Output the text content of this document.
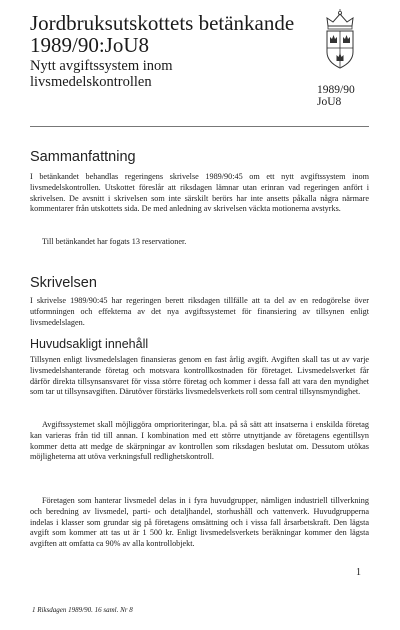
Jordbruksutskottets betänkande
1989/90:JoU8
Nytt avgiftssystem inom
livsmedelskontrollen	1989/90
JoU8
Sammanfattning

I betänkandet behandlas regeringens skrivelse 1989/90:45 om ett nytt avgiftssystem inom livsmedelskontrollen. Utskottet föreslår att riksdagen lämnar utan erinran vad regeringen anfört i skrivelsen. De avsnitt i skrivelsen som inte särskilt berörs har inte ansetts påkalla några närmare kommentarer från utskottets sida. De med anledning av skrivelsen väckta motionerna avstyrks.

Till betänkandet har fogats 13 reservationer.

Skrivelsen

I skrivelse 1989/90:45 har regeringen berett riksdagen tillfälle att ta del av en redogörelse över utformningen och effekterna av det nya avgiftssystemet för finansiering av tillsynen enligt livsmedelslagen.

Huvudsakligt innehåll

Tillsynen enligt livsmedelslagen finansieras genom en fast årlig avgift. Avgiften skall tas ut av varje livsmedelshanterande företag och motsvara kontrollkostnaden för företaget. Livsmedelsverket får därför direkta tillsynsansvaret för vissa större företag och kommer i dessa fall att vara den myndighet som tar ut tillsynsavgiften. Därutöver förstärks livsmedelsverkets roll som central tillsynsmyndighet.

Avgiftssystemet skall möjliggöra omprioriteringar, bl.a. på så sätt att insatserna i enskilda företag kan varieras från tid till annan. I kombination med ett större utnyttjande av företagens egentillsyn kommer detta att medge de skärpningar av kontrollen som riksdagen beslutat om. Dessutom utökas möjligheterna att utöva verkningsfull redlighetskontroll.

Företagen som hanterar livsmedel delas in i fyra huvudgrupper, nämligen industriell tillverkning och beredning av livsmedel, parti- och detaljhandel, storhushåll och vattenverk. Huvudgrupperna indelas i klasser som grundar sig på företagens omsättning och i vissa fall årsarbetskraft. Den lägsta avgift som kommer att tas ut är 1 500 kr. Enligt livsmedelsverkets beräkningar kommer den lägsta avgiften att omfatta ca 90% av alla kontrollobjekt.

1
1 Riksdagen 1989/90. 16 saml. Nr 8
